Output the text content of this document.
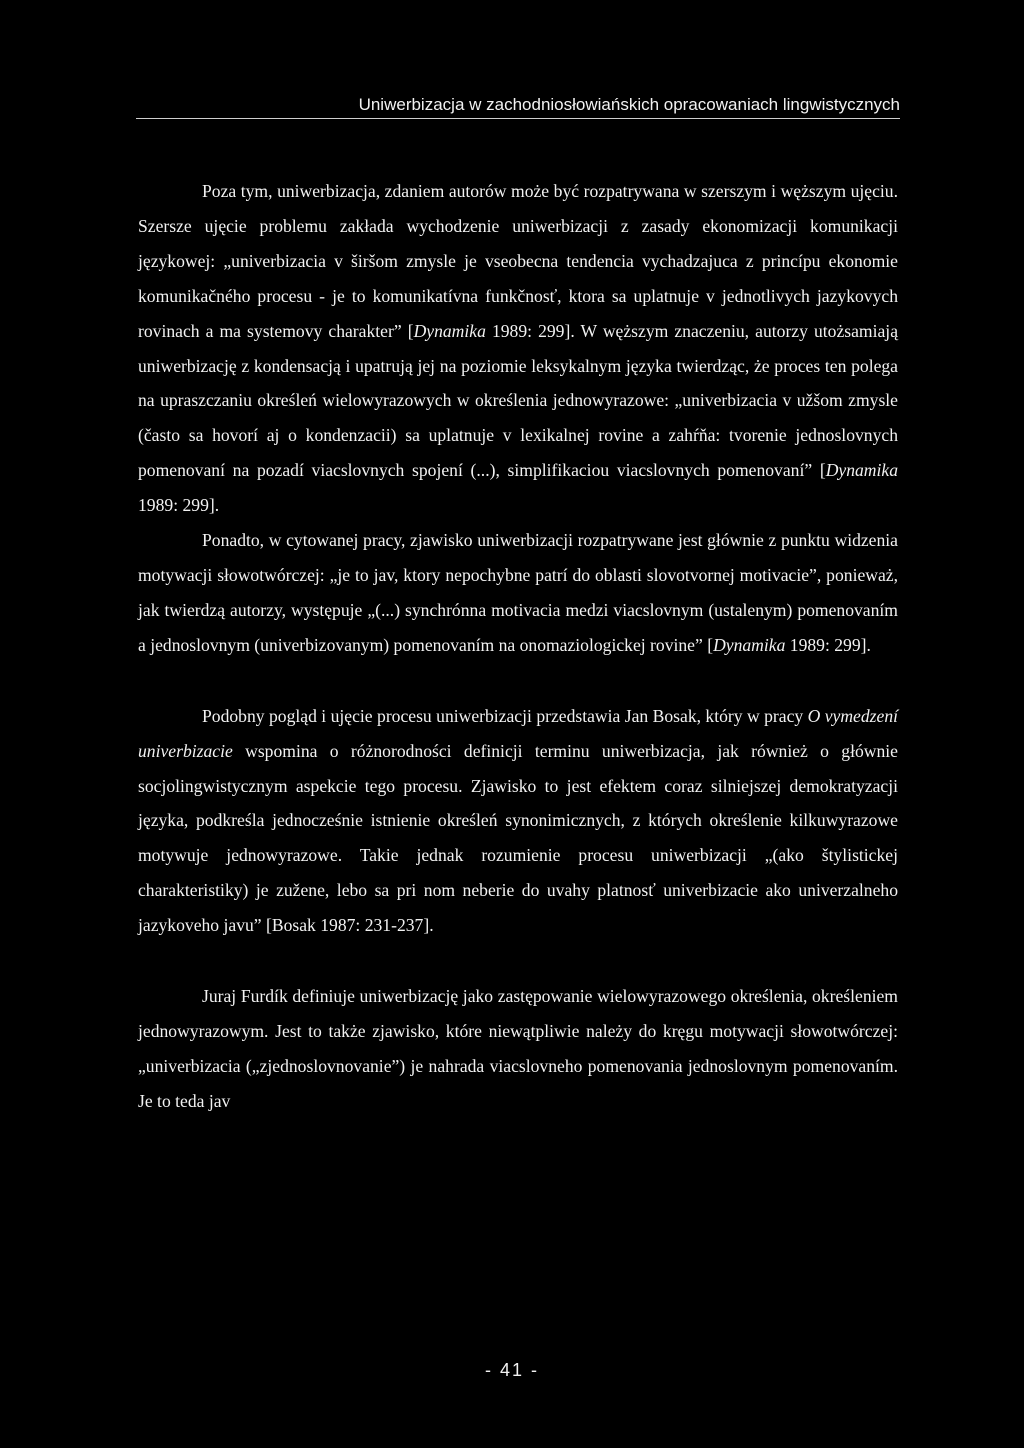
Uniwerbizacja w zachodniosłowiańskich opracowaniach lingwistycznych

Poza tym, uniwerbizacja, zdaniem autorów może być rozpatrywana w szerszym i węższym ujęciu. Szersze ujęcie problemu zakłada wychodzenie uniwerbizacji z zasady ekonomizacji komunikacji językowej: „univerbizacia v širšom zmysle je vseobecna tendencia vychadzajuca z princípu ekonomie komunikačného procesu - je to komunikatívna funkčnosť, ktora sa uplatnuje v jednotlivych jazykovych rovinach a ma systemovy charakter” [Dynamika 1989: 299]. W węższym znaczeniu, autorzy utożsamiają uniwerbizację z kondensacją i upatrują jej na poziomie leksykalnym języka twierdząc, że proces ten polega na upraszczaniu określeń wielowyrazowych w określenia jednowyrazowe: „univerbizacia v užšom zmysle (často sa hovorí aj o kondenzacii) sa uplatnuje v lexikalnej rovine a zahŕňa: tvorenie jednoslovnych pomenovaní na pozadí viacslovnych spojení (...), simplifikaciou viacslovnych pomenovaní” [Dynamika 1989: 299].

Ponadto, w cytowanej pracy, zjawisko uniwerbizacji rozpatrywane jest głównie z punktu widzenia motywacji słowotwórczej: „je to jav, ktory nepochybne patrí do oblasti slovotvornej motivacie”, ponieważ, jak twierdzą autorzy, występuje „(...) synchrónna motivacia medzi viacslovnym (ustalenym) pomenovaním a jednoslovnym (univerbizovanym) pomenovaním na onomaziologickej rovine” [Dynamika 1989: 299].

Podobny pogląd i ujęcie procesu uniwerbizacji przedstawia Jan Bosak, który w pracy O vymedzení univerbizacie wspomina o różnorodności definicji terminu uniwerbizacja, jak również o głównie socjolingwistycznym aspekcie tego procesu. Zjawisko to jest efektem coraz silniejszej demokratyzacji języka, podkreśla jednocześnie istnienie określeń synonimicznych, z których określenie kilkuwyrazowe motywuje jednowyrazowe. Takie jednak rozumienie procesu uniwerbizacji „(ako štylistickej charakteristiky) je zužene, lebo sa pri nom neberie do uvahy platnosť univerbizacie ako univerzalneho jazykoveho javu” [Bosak 1987: 231-237].

Juraj Furdík definiuje uniwerbizację jako zastępowanie wielowyrazowego określenia, określeniem jednowyrazowym. Jest to także zjawisko, które niewątpliwie należy do kręgu motywacji słowotwórczej: „univerbizacia („zjednoslovnovanie”) je nahrada viacslovneho pomenovania jednoslovnym pomenovaním. Je to teda jav

- 41 -
